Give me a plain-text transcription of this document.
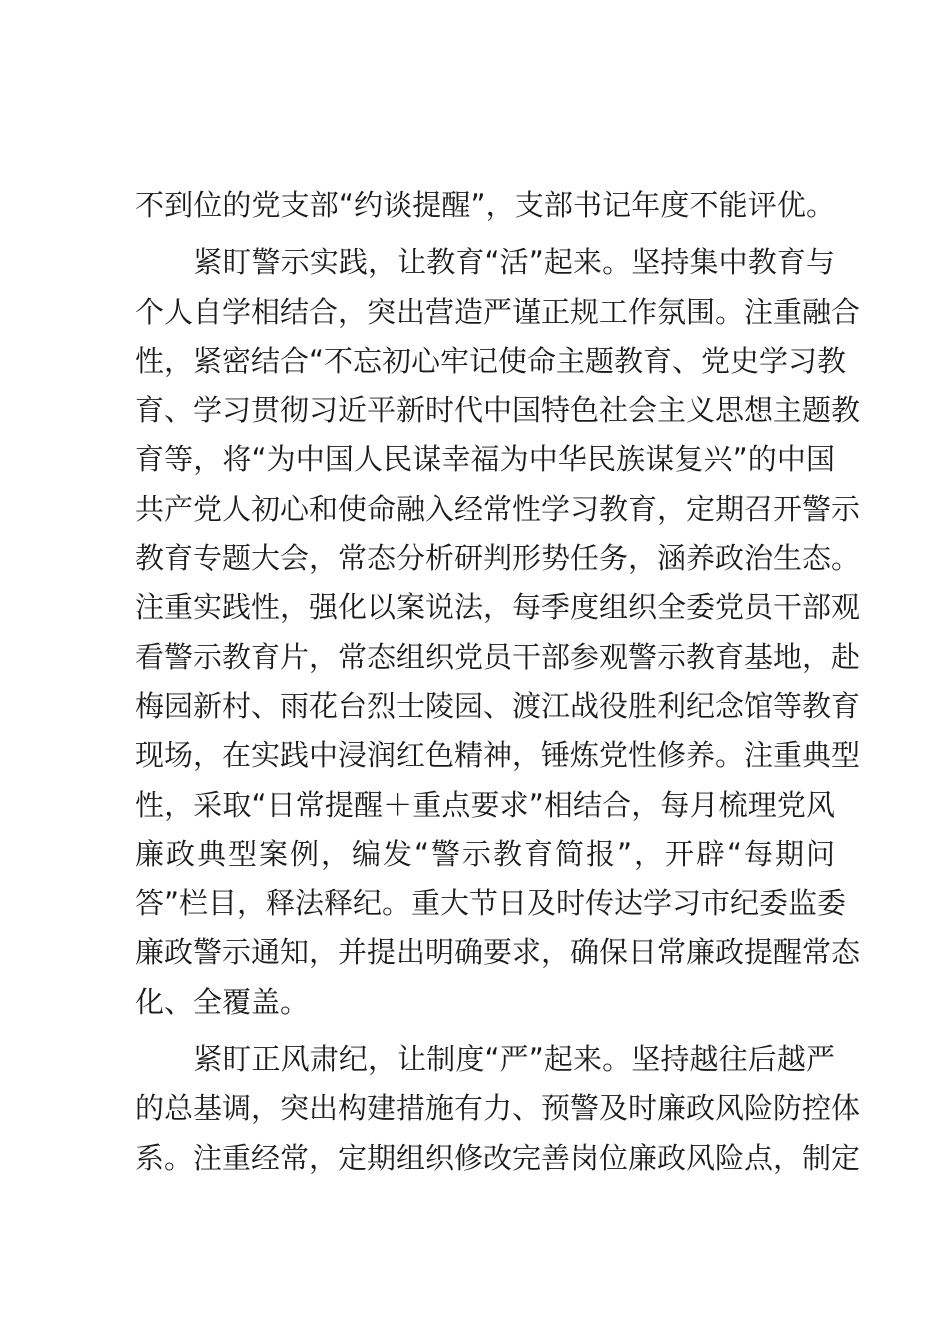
不到位的党支部“约谈提醒”，支部书记年度不能评优。
　　紧盯警示实践，让教育“活”起来。坚持集中教育与
个人自学相结合，突出营造严谨正规工作氛围。注重融合
性，紧密结合“不忘初心牢记使命主题教育、党史学习教
育、学习贯彻习近平新时代中国特色社会主义思想主题教
育等，将“为中国人民谋幸福为中华民族谋复兴”的中国
共产党人初心和使命融入经常性学习教育，定期召开警示
教育专题大会，常态分析研判形势任务，涵养政治生态。
注重实践性，强化以案说法，每季度组织全委党员干部观
看警示教育片，常态组织党员干部参观警示教育基地，赴
梅园新村、雨花台烈士陵园、渡江战役胜利纪念馆等教育
现场，在实践中浸润红色精神，锤炼党性修养。注重典型
性，采取“日常提醒＋重点要求”相结合，每月梳理党风
廉政典型案例，编发“警示教育简报”，开辟“每期问
答”栏目，释法释纪。重大节日及时传达学习市纪委监委
廉政警示通知，并提出明确要求，确保日常廉政提醒常态
化、全覆盖。
　　紧盯正风肃纪，让制度“严”起来。坚持越往后越严
的总基调，突出构建措施有力、预警及时廉政风险防控体
系。注重经常，定期组织修改完善岗位廉政风险点，制定
